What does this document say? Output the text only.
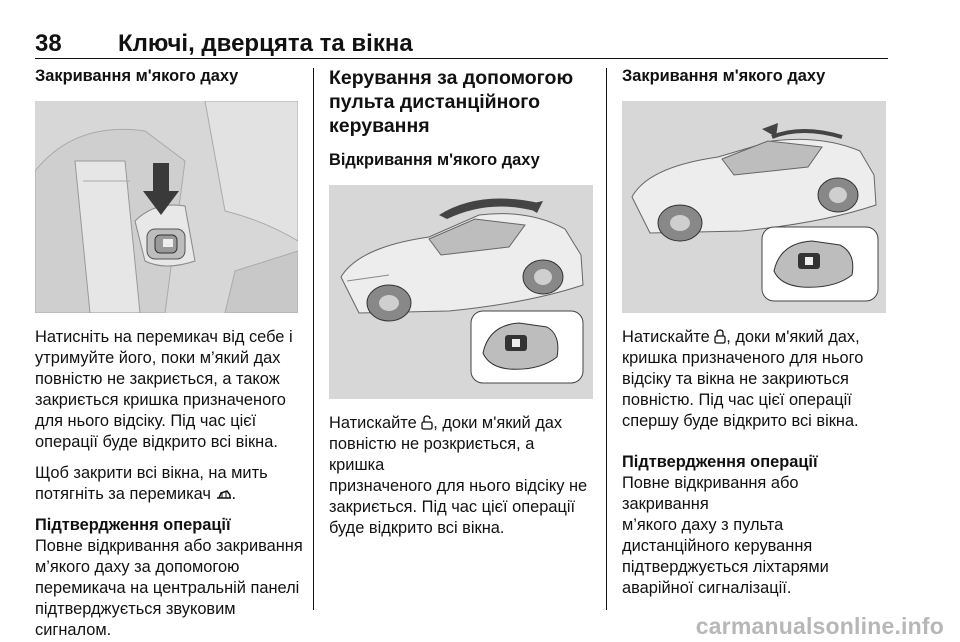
38 Ключі, дверцята та вікна
Закривання м'якого даху

Натисніть на перемикач від себе і

утримуйте його, поки м’який дах

повністю не закриється, а також

закриється кришка призначеного

для нього відсіку. Під час цієї

операції буде відкрито всі вікна.

Щоб закрити всі вікна, на мить

потягніть за перемикач .

Підтвердження операції

Повне відкривання або закривання

м’якого даху за допомогою

перемикача на центральній панелі

підтверджується звуковим

сигналом.

Керування за допомогою
пульта дистанційного
керування
Відкривання м'якого даху

Натискайте , доки м'який дах

повністю не розкриється, а кришка

призначеного для нього відсіку не

закриється. Під час цієї операції

буде відкрито всі вікна.

Закривання м'якого даху

Натискайте , доки м'який дах,

кришка призначеного для нього

відсіку та вікна не закриються

повністю. Під час цієї операції

спершу буде відкрито всі вікна.

Підтвердження операції

Повне відкривання або закривання

м’якого даху з пульта

дистанційного керування

підтверджується ліхтарями

аварійної сигналізації.

carmanualsonline.info
